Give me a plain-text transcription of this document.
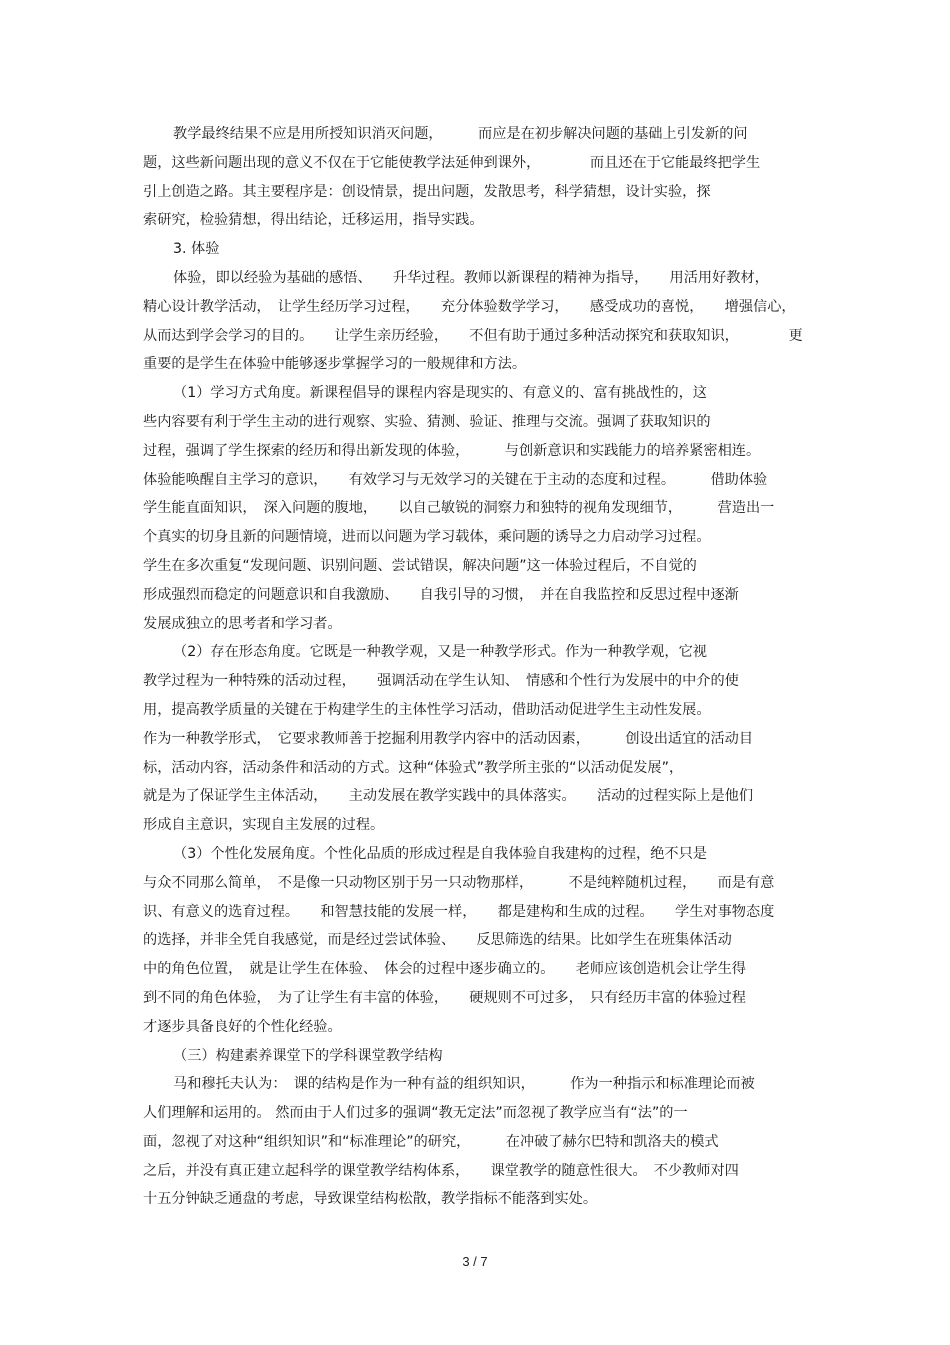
教学最终结果不应是用所授知识消灭问题，　　　而应是在初步解决问题的基础上引发新的问
题，这些新问题出现的意义不仅在于它能使教学法延伸到课外，　　　　而且还在于它能最终把学生
引上创造之路。其主要程序是：创设情景，提出问题，发散思考，科学猜想，设计实验，探
索研究，检验猜想，得出结论，迁移运用，指导实践。
3. 体验
体验，即以经验为基础的感悟、　　升华过程。教师以新课程的精神为指导，　　用活用好教材，
精心设计教学活动，　让学生经历学习过程，　　充分体验数学学习，　　感受成功的喜悦，　　增强信心，
从而达到学会学习的目的。　　让学生亲历经验，　　不但有助于通过多种活动探究和获取知识，　　　　更
重要的是学生在体验中能够逐步掌握学习的一般规律和方法。
（1）学习方式角度。新课程倡导的课程内容是现实的、有意义的、富有挑战性的，这
些内容要有利于学生主动的进行观察、实验、猜测、验证、推理与交流。强调了获取知识的
过程，强调了学生探索的经历和得出新发现的体验，　　　与创新意识和实践能力的培养紧密相连。
体验能唤醒自主学习的意识，　　有效学习与无效学习的关键在于主动的态度和过程。　　　借助体验
学生能直面知识，　深入问题的腹地，　　以自己敏锐的洞察力和独特的视角发现细节，　　　营造出一
个真实的切身且新的问题情境，进而以问题为学习载体，乘问题的诱导之力启动学习过程。
学生在多次重复“发现问题、识别问题、尝试错误，解决问题”这一体验过程后，不自觉的
形成强烈而稳定的问题意识和自我激励、　　自我引导的习惯，　并在自我监控和反思过程中逐渐
发展成独立的思考者和学习者。
（2）存在形态角度。它既是一种教学观，又是一种教学形式。作为一种教学观，它视
教学过程为一种特殊的活动过程，　　强调活动在学生认知、　情感和个性行为发展中的中介的使
用，提高教学质量的关键在于构建学生的主体性学习活动，借助活动促进学生主动性发展。
作为一种教学形式，　它要求教师善于挖掘利用教学内容中的活动因素，　　　创设出适宜的活动目
标，活动内容，活动条件和活动的方式。这种“体验式”教学所主张的“以活动促发展”，
就是为了保证学生主体活动，　　主动发展在教学实践中的具体落实。　　活动的过程实际上是他们
形成自主意识，实现自主发展的过程。
（3）个性化发展角度。个性化品质的形成过程是自我体验自我建构的过程，绝不只是
与众不同那么简单，　不是像一只动物区别于另一只动物那样，　　　不是纯粹随机过程，　　而是有意
识、有意义的选育过程。　　和智慧技能的发展一样，　　都是建构和生成的过程。　　学生对事物态度
的选择，并非全凭自我感觉，而是经过尝试体验、　　反思筛选的结果。比如学生在班集体活动
中的角色位置，　就是让学生在体验、　体会的过程中逐步确立的。　　老师应该创造机会让学生得
到不同的角色体验，　为了让学生有丰富的体验，　　硬规则不可过多，　只有经历丰富的体验过程
才逐步具备良好的个性化经验。
（三）构建素养课堂下的学科课堂教学结构
马和穆托夫认为：　课的结构是作为一种有益的组织知识，　　　作为一种指示和标准理论而被
人们理解和运用的。 然而由于人们过多的强调“教无定法”而忽视了教学应当有“法”的一
面，忽视了对这种“组织知识”和“标准理论”的研究，　　　在冲破了赫尔巴特和凯洛夫的模式
之后，并没有真正建立起科学的课堂教学结构体系，　　课堂教学的随意性很大。　不少教师对四
十五分钟缺乏通盘的考虑，导致课堂结构松散，教学指标不能落到实处。
3 / 7
